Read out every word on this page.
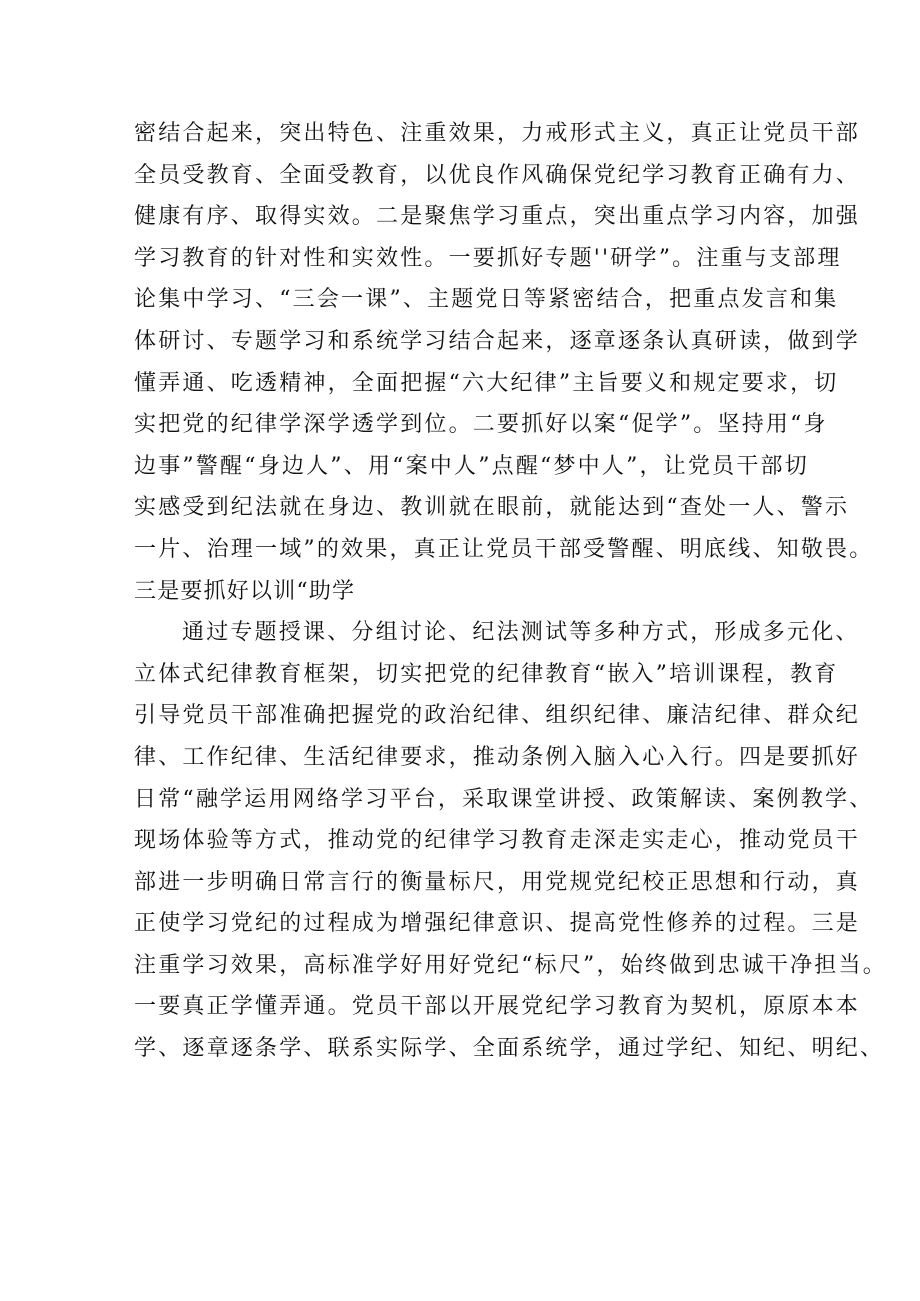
密结合起来，突出特色、注重效果，力戒形式主义，真正让党员干部
全员受教育、全面受教育，以优良作风确保党纪学习教育正确有力、
健康有序、取得实效。二是聚焦学习重点，突出重点学习内容，加强
学习教育的针对性和实效性。一要抓好专题''研学”。注重与支部理
论集中学习、“三会一课”、主题党日等紧密结合，把重点发言和集
体研讨、专题学习和系统学习结合起来，逐章逐条认真研读，做到学
懂弄通、吃透精神，全面把握“六大纪律”主旨要义和规定要求，切
实把党的纪律学深学透学到位。二要抓好以案“促学”。坚持用“身
边事”警醒“身边人”、用“案中人”点醒“梦中人”，让党员干部切
实感受到纪法就在身边、教训就在眼前，就能达到“查处一人、警示
一片、治理一域”的效果，真正让党员干部受警醒、明底线、知敬畏。
三是要抓好以训“助学
通过专题授课、分组讨论、纪法测试等多种方式，形成多元化、
立体式纪律教育框架，切实把党的纪律教育“嵌入”培训课程，教育
引导党员干部准确把握党的政治纪律、组织纪律、廉洁纪律、群众纪
律、工作纪律、生活纪律要求，推动条例入脑入心入行。四是要抓好
日常“融学运用网络学习平台，采取课堂讲授、政策解读、案例教学、
现场体验等方式，推动党的纪律学习教育走深走实走心，推动党员干
部进一步明确日常言行的衡量标尺，用党规党纪校正思想和行动，真
正使学习党纪的过程成为增强纪律意识、提高党性修养的过程。三是
注重学习效果，高标准学好用好党纪“标尺”，始终做到忠诚干净担当。
一要真正学懂弄通。党员干部以开展党纪学习教育为契机，原原本本
学、逐章逐条学、联系实际学、全面系统学，通过学纪、知纪、明纪、
